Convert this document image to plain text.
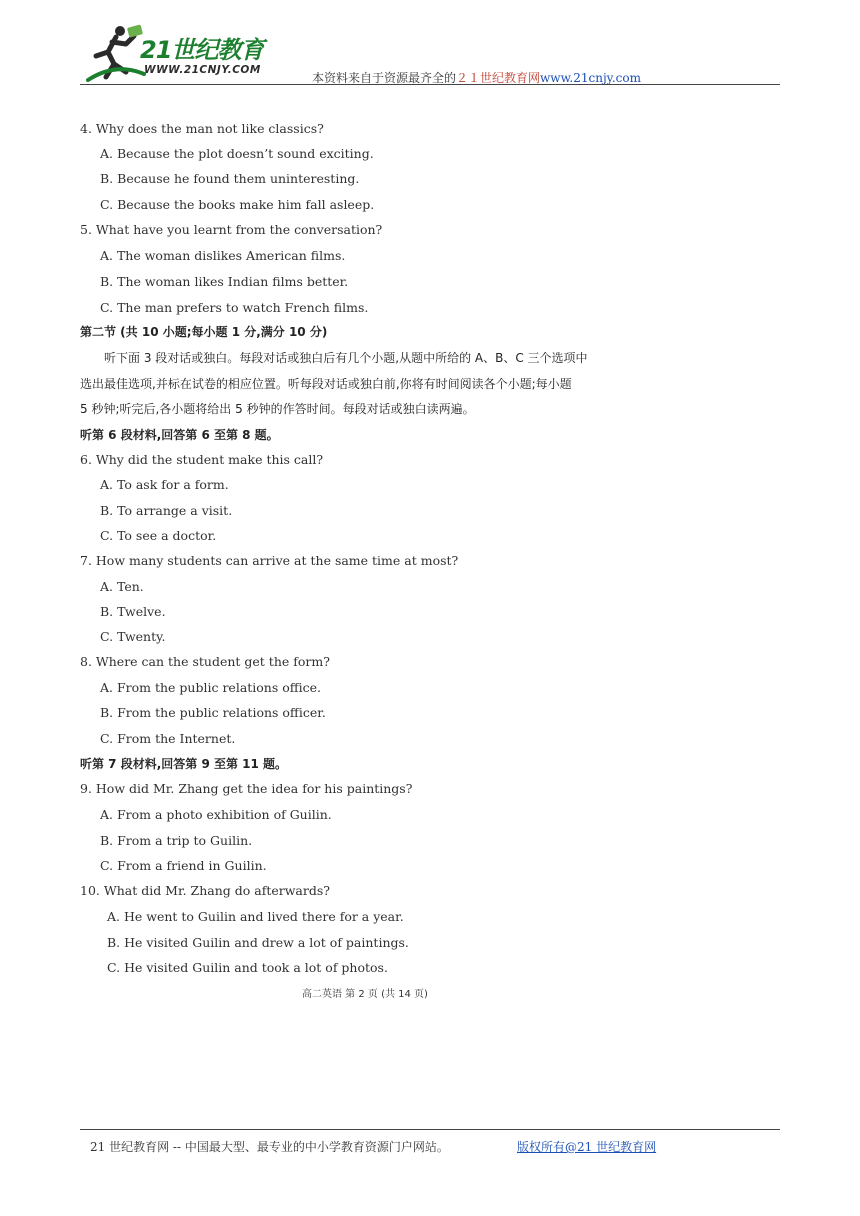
21世纪教育
WWW.21CNJY.COM
本资料来自于资源最齐全的２１世纪教育网www.21cnjy.com
4. Why does the man not like classics?
A. Because the plot doesn’t sound exciting.
B. Because he found them uninteresting.
C. Because the books make him fall asleep.
5. What have you learnt from the conversation?
A. The woman dislikes American films.
B. The woman likes Indian films better.
C. The man prefers to watch French films.
第二节 (共 10 小题;每小题 1 分,满分 10 分)
听下面 3 段对话或独白。每段对话或独白后有几个小题,从题中所给的 A、B、C 三个选项中
选出最佳选项,并标在试卷的相应位置。听每段对话或独白前,你将有时间阅读各个小题;每小题
5 秒钟;听完后,各小题将给出 5 秒钟的作答时间。每段对话或独白读两遍。
听第 6 段材料,回答第 6 至第 8 题。
6. Why did the student make this call?
A. To ask for a form.
B. To arrange a visit.
C. To see a doctor.
7. How many students can arrive at the same time at most?
A. Ten.
B. Twelve.
C. Twenty.
8. Where can the student get the form?
A. From the public relations office.
B. From the public relations officer.
C. From the Internet.
听第 7 段材料,回答第 9 至第 11 题。
9. How did Mr. Zhang get the idea for his paintings?
A. From a photo exhibition of Guilin.
B. From a trip to Guilin.
C. From a friend in Guilin.
10. What did Mr. Zhang do afterwards?
A. He went to Guilin and lived there for a year.
B. He visited Guilin and drew a lot of paintings.
C. He visited Guilin and took a lot of photos.
高二英语 第 2 页 (共 14 页)
21 世纪教育网 -- 中国最大型、最专业的中小学教育资源门户网站。	版权所有@21 世纪教育网
